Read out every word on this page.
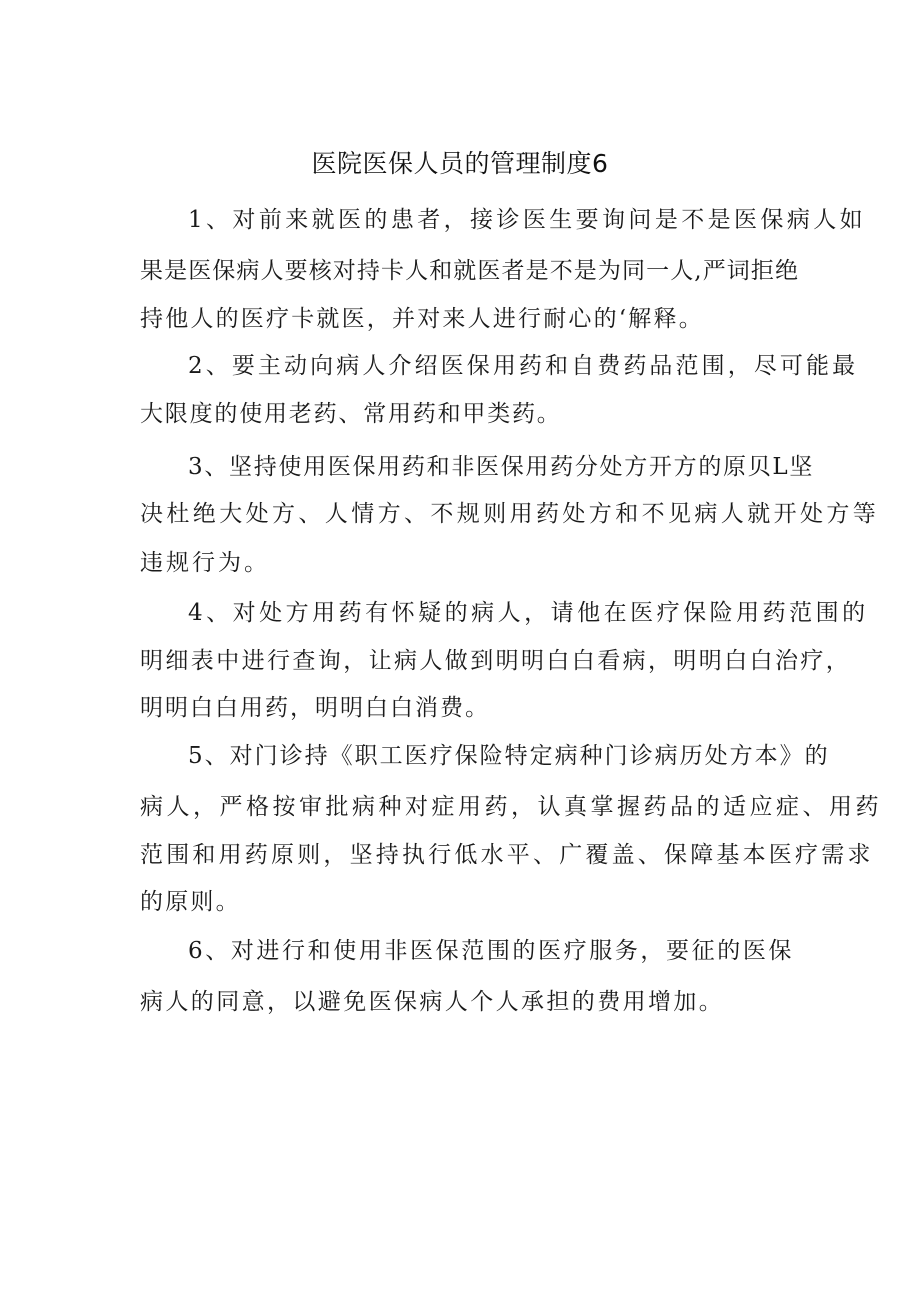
医院医保人员的管理制度6

1、对前来就医的患者，接诊医生要询问是不是医保病人如

果是医保病人要核对持卡人和就医者是不是为同一人,严词拒绝

持他人的医疗卡就医，并对来人进行耐心的‘解释。

2、要主动向病人介绍医保用药和自费药品范围，尽可能最

大限度的使用老药、常用药和甲类药。

3、坚持使用医保用药和非医保用药分处方开方的原贝L坚

决杜绝大处方、人情方、不规则用药处方和不见病人就开处方等

违规行为。

4、对处方用药有怀疑的病人，请他在医疗保险用药范围的

明细表中进行查询，让病人做到明明白白看病，明明白白治疗，

明明白白用药，明明白白消费。

5、对门诊持《职工医疗保险特定病种门诊病历处方本》的

病人，严格按审批病种对症用药，认真掌握药品的适应症、用药

范围和用药原则，坚持执行低水平、广覆盖、保障基本医疗需求

的原则。

6、对进行和使用非医保范围的医疗服务，要征的医保

病人的同意，以避免医保病人个人承担的费用增加。
